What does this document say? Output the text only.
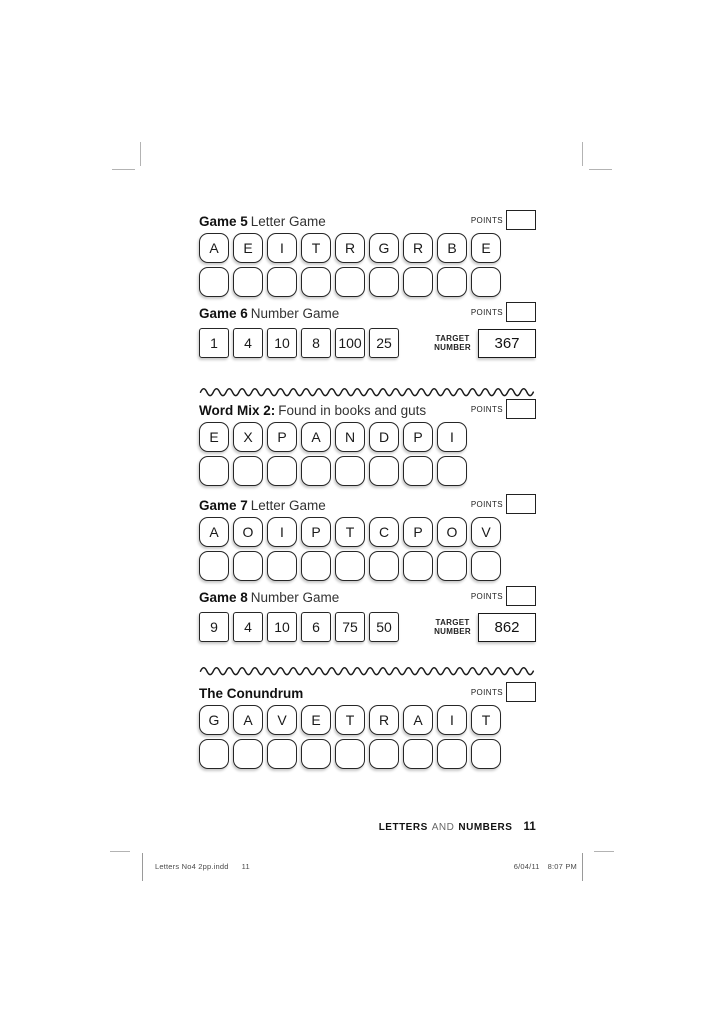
Game 5 Letter Game	POINTS
A	E	I	T	R	G	R	B	E
Game 6 Number Game	POINTS
TARGET
NUMBER	367
1	4	10	8	100	25
Word Mix 2: Found in books and guts	POINTS
E	X	P	A	N	D	P	I
Game 7 Letter Game	POINTS
A	O	I	P	T	C	P	O	V
Game 8 Number Game	POINTS
TARGET
NUMBER	862
9	4	10	6	75	50
The Conundrum	POINTS
G	A	V	E	T	R	A	I	T
LETTERS AND NUMBERS 11
Letters No4 2pp.indd 11	6/04/11 8:07 PM
